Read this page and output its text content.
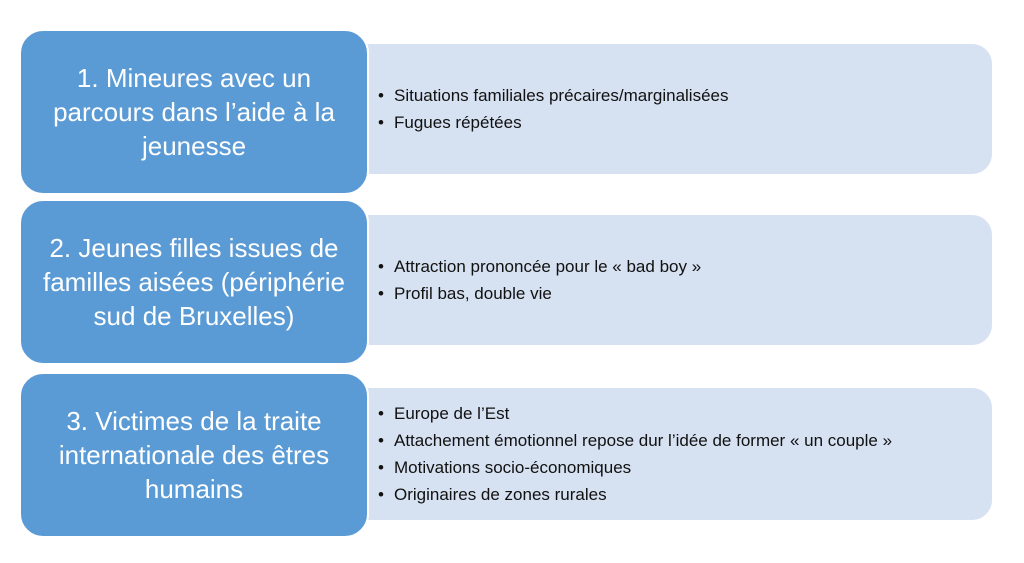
• Situations familiales précaires/marginalisées
• Fugues répétées
1. Mineures avec un parcours dans l’aide à la jeunesse
• Attraction prononcée pour le « bad boy »
• Profil bas, double vie
2. Jeunes filles issues de familles aisées (périphérie sud de Bruxelles)
• Europe de l’Est
• Attachement émotionnel repose dur l’idée de former « un couple »
• Motivations socio-économiques
• Originaires de zones rurales
3. Victimes de la traite internationale des êtres humains
